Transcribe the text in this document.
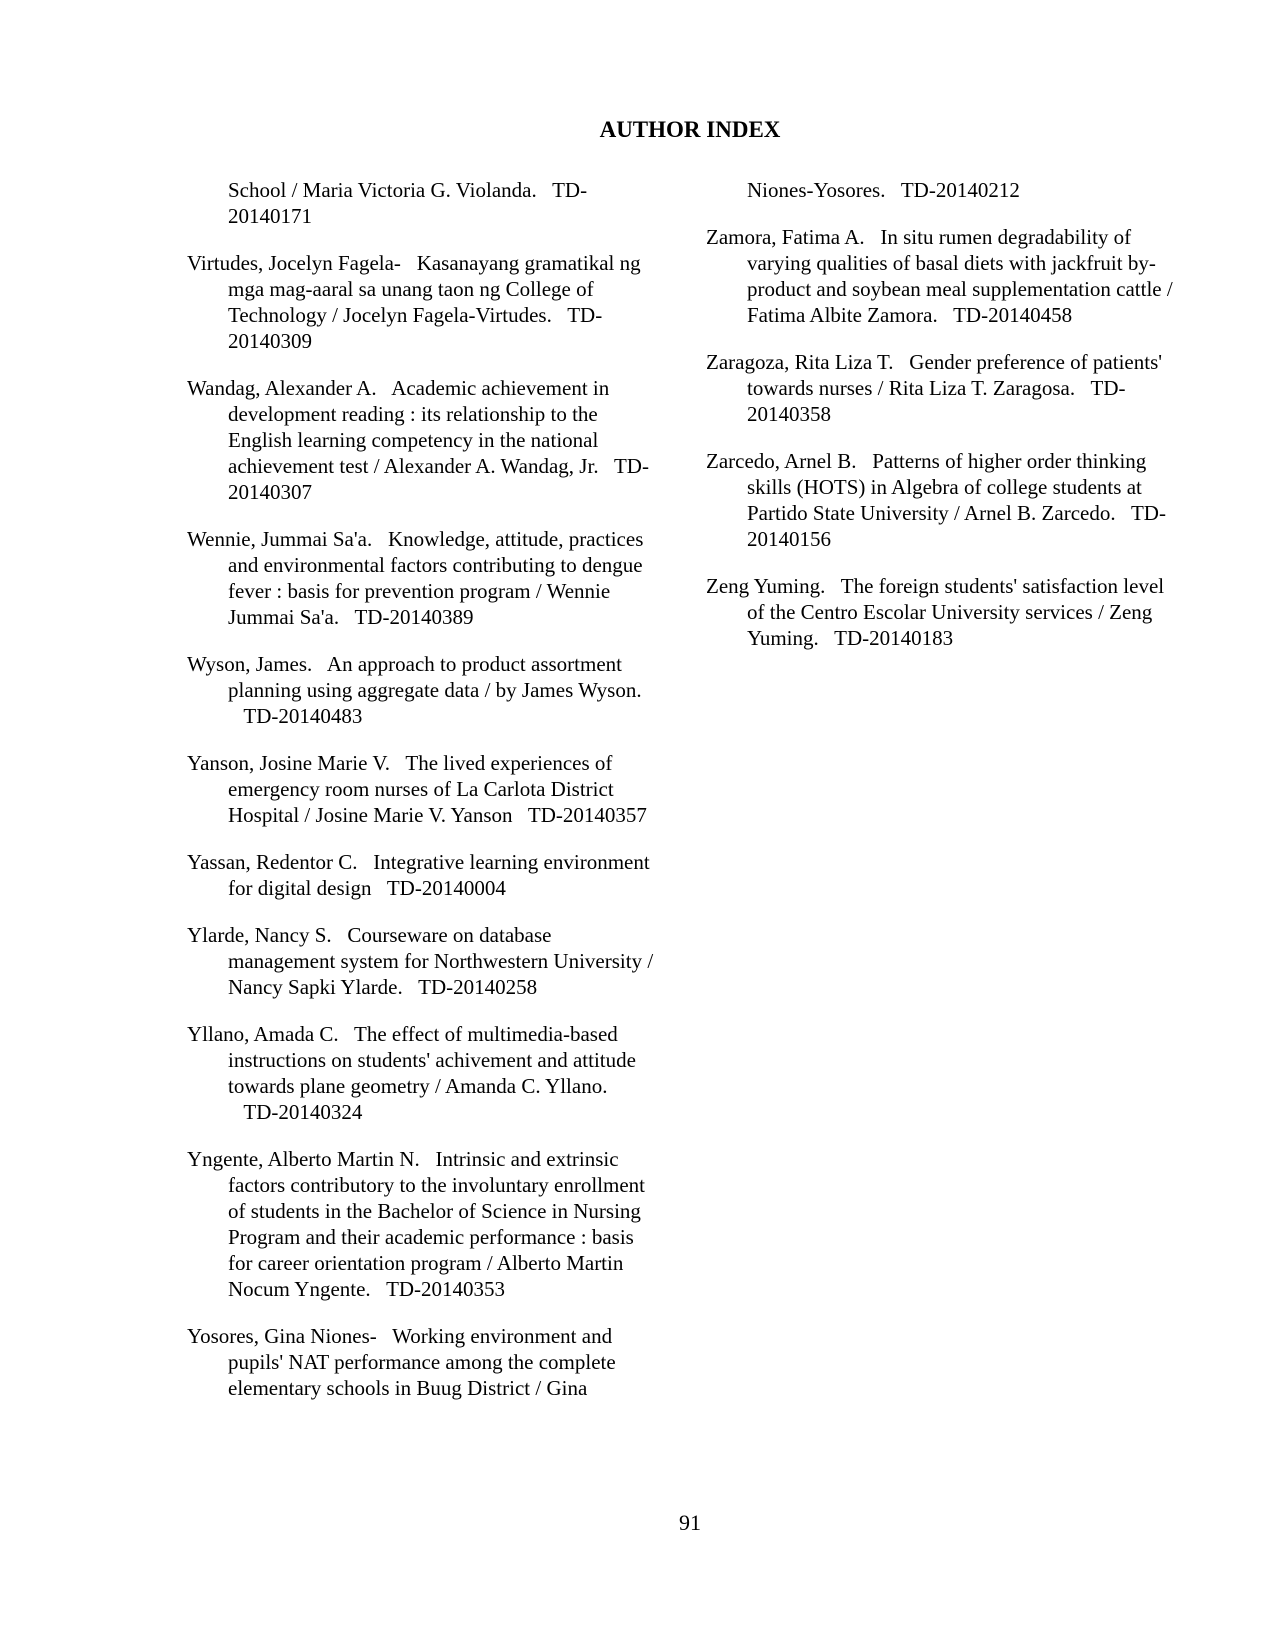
AUTHOR INDEX

School / Maria Victoria G. Violanda. TD-20140171

Virtudes, Jocelyn Fagela- Kasanayang gramatikal ng mga mag-aaral sa unang taon ng College of Technology / Jocelyn Fagela-Virtudes. TD-20140309

Wandag, Alexander A. Academic achievement in development reading : its relationship to the English learning competency in the national achievement test / Alexander A. Wandag, Jr. TD-20140307

Wennie, Jummai Sa'a. Knowledge, attitude, practices and environmental factors contributing to dengue fever : basis for prevention program / Wennie Jummai Sa'a. TD-20140389

Wyson, James. An approach to product assortment planning using aggregate data / by James Wyson.   TD-20140483

Yanson, Josine Marie V. The lived experiences of emergency room nurses of La Carlota District Hospital / Josine Marie V. Yanson TD-20140357

Yassan, Redentor C. Integrative learning environment for digital design TD-20140004

Ylarde, Nancy S. Courseware on database management system for Northwestern University / Nancy Sapki Ylarde. TD-20140258

Yllano, Amada C. The effect of multimedia-based instructions on students' achivement and attitude towards plane geometry / Amanda C. Yllano.   TD-20140324

Yngente, Alberto Martin N. Intrinsic and extrinsic factors contributory to the involuntary enrollment of students in the Bachelor of Science in Nursing Program and their academic performance : basis for career orientation program / Alberto Martin Nocum Yngente. TD-20140353

Yosores, Gina Niones- Working environment and pupils' NAT performance among the complete elementary schools in Buug District / Gina

Niones-Yosores. TD-20140212

Zamora, Fatima A. In situ rumen degradability of varying qualities of basal diets with jackfruit by-product and soybean meal supplementation cattle / Fatima Albite Zamora. TD-20140458

Zaragoza, Rita Liza T. Gender preference of patients' towards nurses / Rita Liza T. Zaragosa. TD-20140358

Zarcedo, Arnel B. Patterns of higher order thinking skills (HOTS) in Algebra of college students at Partido State University / Arnel B. Zarcedo. TD-20140156

Zeng Yuming. The foreign students' satisfaction level of the Centro Escolar University services / Zeng Yuming. TD-20140183

91
